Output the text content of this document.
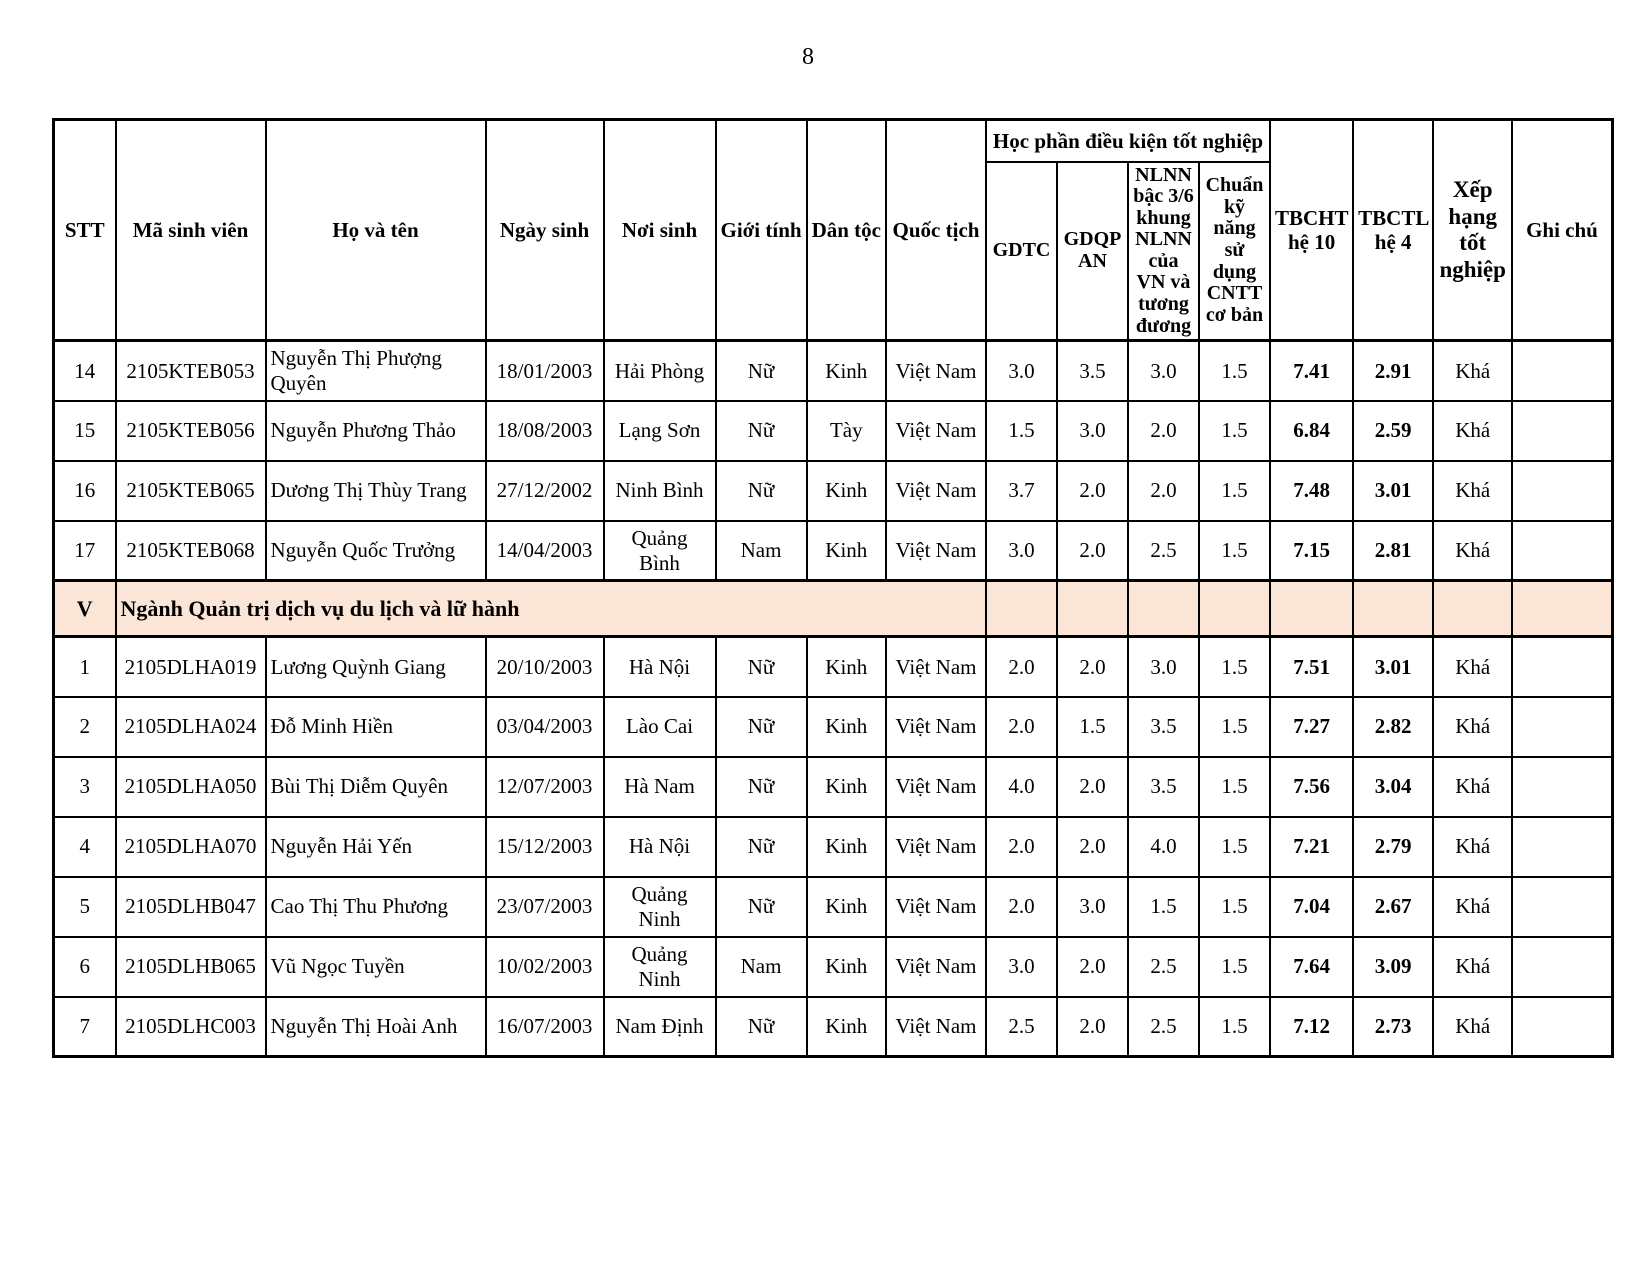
8
STT	Mã sinh viên	Họ và tên	Ngày sinh	Nơi sinh	Giới tính	Dân tộc	Quốc tịch	Học phần điều kiện tốt nghiệp				TBCHT hệ 10	TBCTL hệ 4	Xếp hạng tốt nghiệp	Ghi chú
								GDTC	GDQP AN	NLNN bậc 3/6 khung NLNN của VN và tương đương	Chuẩn kỹ năng sử dụng CNTT cơ bản				
14	2105KTEB053	Nguyễn Thị Phượng Quyên	18/01/2003	Hải Phòng	Nữ	Kinh	Việt Nam	3.0	3.5	3.0	1.5	7.41	2.91	Khá	
15	2105KTEB056	Nguyễn Phương Thảo	18/08/2003	Lạng Sơn	Nữ	Tày	Việt Nam	1.5	3.0	2.0	1.5	6.84	2.59	Khá	
16	2105KTEB065	Dương Thị Thùy Trang	27/12/2002	Ninh Bình	Nữ	Kinh	Việt Nam	3.7	2.0	2.0	1.5	7.48	3.01	Khá	
17	2105KTEB068	Nguyễn Quốc Trưởng	14/04/2003	Quảng Bình	Nam	Kinh	Việt Nam	3.0	2.0	2.5	1.5	7.15	2.81	Khá	
V	Ngành Quản trị dịch vụ du lịch và lữ hành														
1	2105DLHA019	Lương Quỳnh Giang	20/10/2003	Hà Nội	Nữ	Kinh	Việt Nam	2.0	2.0	3.0	1.5	7.51	3.01	Khá	
2	2105DLHA024	Đỗ Minh Hiền	03/04/2003	Lào Cai	Nữ	Kinh	Việt Nam	2.0	1.5	3.5	1.5	7.27	2.82	Khá	
3	2105DLHA050	Bùi Thị Diễm Quyên	12/07/2003	Hà Nam	Nữ	Kinh	Việt Nam	4.0	2.0	3.5	1.5	7.56	3.04	Khá	
4	2105DLHA070	Nguyễn Hải Yến	15/12/2003	Hà Nội	Nữ	Kinh	Việt Nam	2.0	2.0	4.0	1.5	7.21	2.79	Khá	
5	2105DLHB047	Cao Thị Thu Phương	23/07/2003	Quảng Ninh	Nữ	Kinh	Việt Nam	2.0	3.0	1.5	1.5	7.04	2.67	Khá	
6	2105DLHB065	Vũ Ngọc Tuyền	10/02/2003	Quảng Ninh	Nam	Kinh	Việt Nam	3.0	2.0	2.5	1.5	7.64	3.09	Khá	
7	2105DLHC003	Nguyễn Thị Hoài Anh	16/07/2003	Nam Định	Nữ	Kinh	Việt Nam	2.5	2.0	2.5	1.5	7.12	2.73	Khá	
